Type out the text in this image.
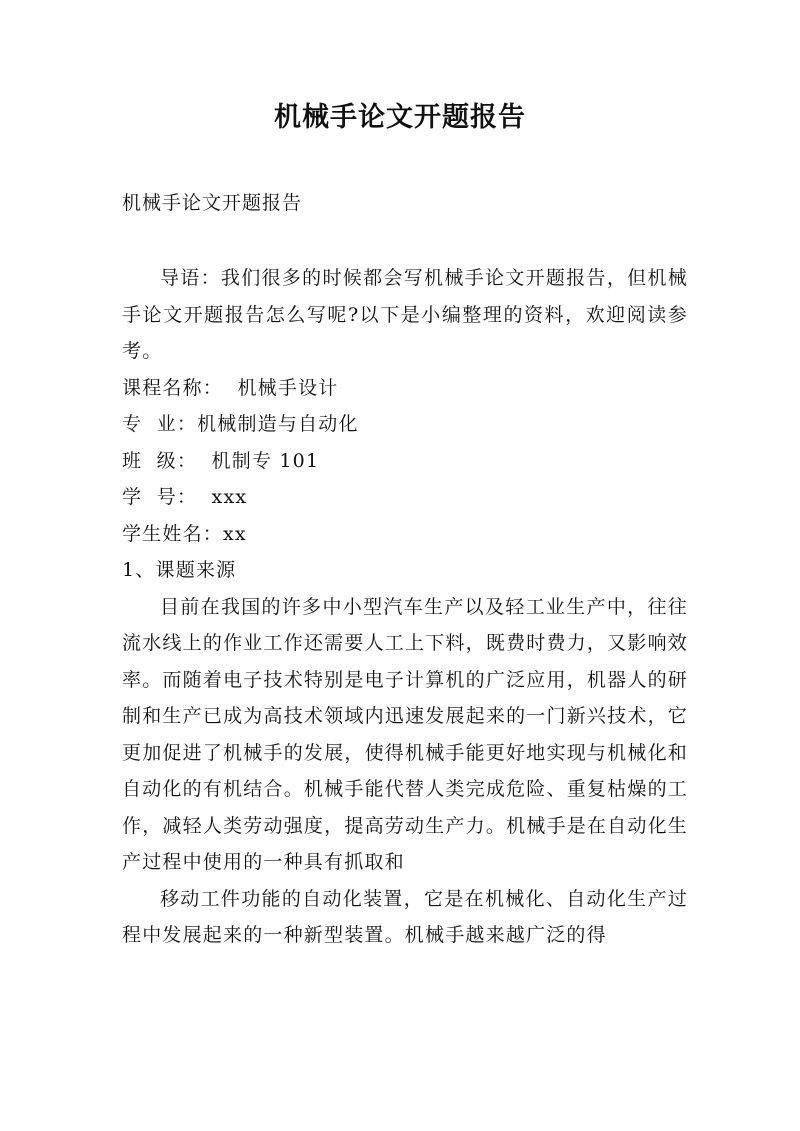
机械手论文开题报告
机械手论文开题报告

导语：我们很多的时候都会写机械手论文开题报告，但机械手论文开题报告怎么写呢?以下是小编整理的资料，欢迎阅读参考。

课程名称：  机械手设计

专  业：机械制造与自动化

班  级：  机制专 101

学  号：  xxx

学生姓名：xx

1、课题来源

目前在我国的许多中小型汽车生产以及轻工业生产中，往往流水线上的作业工作还需要人工上下料，既费时费力，又影响效率。而随着电子技术特别是电子计算机的广泛应用，机器人的研制和生产已成为高技术领域内迅速发展起来的一门新兴技术，它更加促进了机械手的发展，使得机械手能更好地实现与机械化和自动化的有机结合。机械手能代替人类完成危险、重复枯燥的工作，减轻人类劳动强度，提高劳动生产力。机械手是在自动化生产过程中使用的一种具有抓取和

移动工件功能的自动化装置，它是在机械化、自动化生产过程中发展起来的一种新型装置。机械手越来越广泛的得
